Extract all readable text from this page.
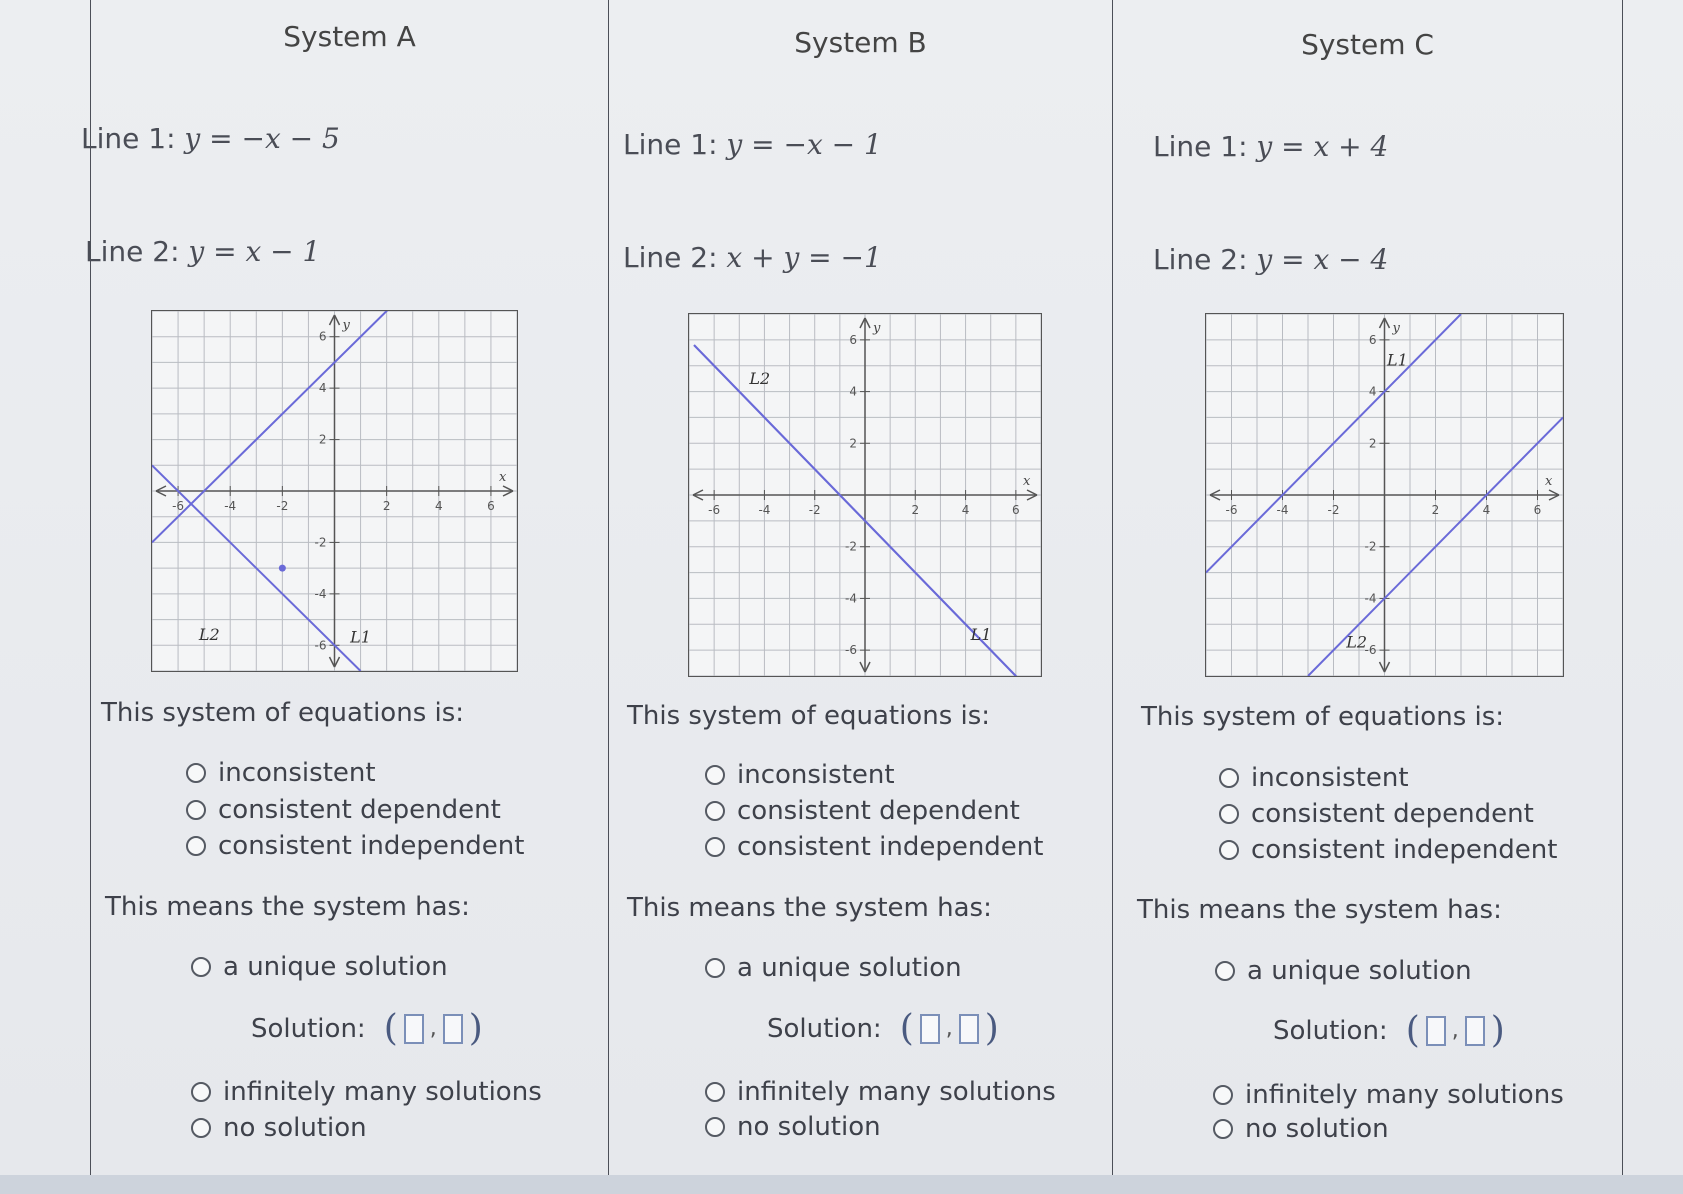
System A
Line 1: y = −x − 5
Line 2: y = x − 1
-6	-4	-2	2	4	6
6
4
2
-2
-4
-6
x
y
L1
L2
This system of equations is:
inconsistent
consistent dependent
consistent independent
This means the system has:
a unique solution
Solution: ( , )
infinitely many solutions
no solution
System B
Line 1: y = −x − 1
Line 2: x + y = −1
-6	-4	-2	2	4	6
6
4
2
-2
-4
-6
x
y
L1
L2
This system of equations is:
inconsistent
consistent dependent
consistent independent
This means the system has:
a unique solution
Solution: ( , )
infinitely many solutions
no solution
System C
Line 1: y = x + 4
Line 2: y = x − 4
-6	-4	-2	2	4	6
6
4
2
-2
-4
-6
x
y
L1
L2
This system of equations is:
inconsistent
consistent dependent
consistent independent
This means the system has:
a unique solution
Solution: ( , )
infinitely many solutions
no solution
